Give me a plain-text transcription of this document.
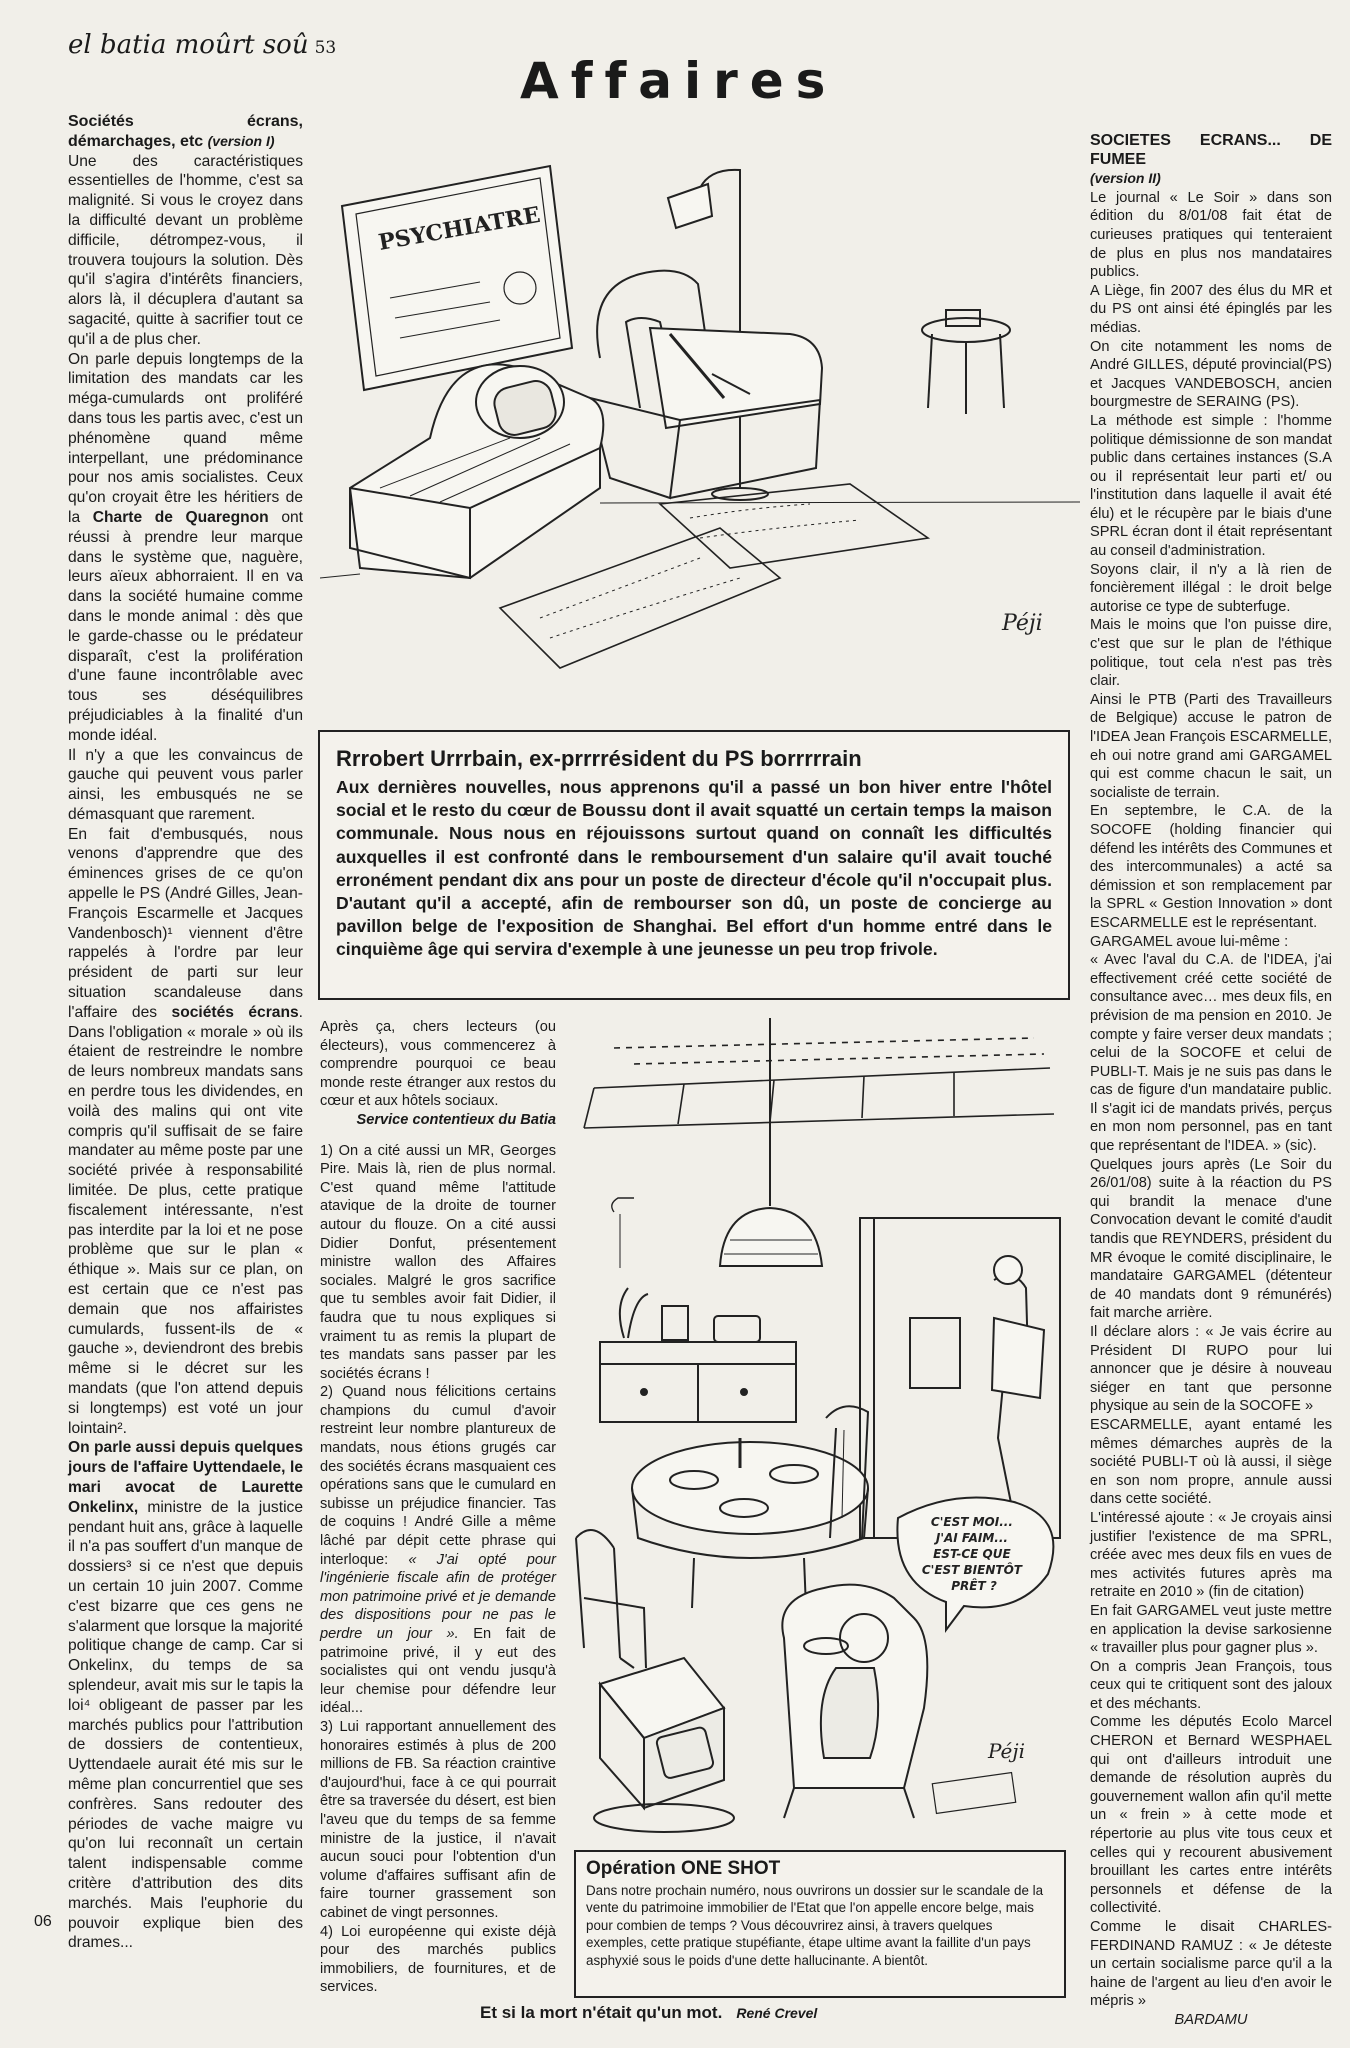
el batia moûrt soû 53
Affaires

Sociétés écrans, démarchages, etc (version I)

Une des caractéristiques essentielles de l'homme, c'est sa malignité. Si vous le croyez dans la difficulté devant un problème difficile, détrompez-vous, il trouvera toujours la solution. Dès qu'il s'agira d'intérêts financiers, alors là, il décuplera d'autant sa sagacité, quitte à sacrifier tout ce qu'il a de plus cher.

On parle depuis longtemps de la limitation des mandats car les méga-cumulards ont proliféré dans tous les partis avec, c'est un phénomène quand même interpellant, une prédominance pour nos amis socialistes. Ceux qu'on croyait être les héritiers de la Charte de Quaregnon ont réussi à prendre leur marque dans le système que, naguère, leurs aïeux abhorraient. Il en va dans la société humaine comme dans le monde animal : dès que le garde-chasse ou le prédateur disparaît, c'est la prolifération d'une faune incontrôlable avec tous ses déséquilibres préjudiciables à la finalité d'un monde idéal.

Il n'y a que les convaincus de gauche qui peuvent vous parler ainsi, les embusqués ne se démasquant que rarement.

En fait d'embusqués, nous venons d'apprendre que des éminences grises de ce qu'on appelle le PS (André Gilles, Jean-François Escarmelle et Jacques Vandenbosch)¹ viennent d'être rappelés à l'ordre par leur président de parti sur leur situation scandaleuse dans l'affaire des sociétés écrans. Dans l'obligation « morale » où ils étaient de restreindre le nombre de leurs nombreux mandats sans en perdre tous les dividendes, en voilà des malins qui ont vite compris qu'il suffisait de se faire mandater au même poste par une société privée à responsabilité limitée. De plus, cette pratique fiscalement intéressante, n'est pas interdite par la loi et ne pose problème que sur le plan « éthique ». Mais sur ce plan, on est certain que ce n'est pas demain que nos affairistes cumulards, fussent-ils de « gauche », deviendront des brebis même si le décret sur les mandats (que l'on attend depuis si longtemps) est voté un jour lointain².

On parle aussi depuis quelques jours de l'affaire Uyttendaele, le mari avocat de Laurette Onkelinx, ministre de la justice pendant huit ans, grâce à laquelle il n'a pas souffert d'un manque de dossiers³ si ce n'est que depuis un certain 10 juin 2007. Comme c'est bizarre que ces gens ne s'alarment que lorsque la majorité politique change de camp. Car si Onkelinx, du temps de sa splendeur, avait mis sur le tapis la loi⁴ obligeant de passer par les marchés publics pour l'attribution de dossiers de contentieux, Uyttendaele aurait été mis sur le même plan concurrentiel que ses confrères. Sans redouter des périodes de vache maigre vu qu'on lui reconnaît un certain talent indispensable comme critère d'attribution des dits marchés. Mais l'euphorie du pouvoir explique bien des drames...

06
PSYCHIATRE
Péji
Rrrobert Urrrbain, ex-prrrrésident du PS borrrrrain
Aux dernières nouvelles, nous apprenons qu'il a passé un bon hiver entre l'hôtel social et le resto du cœur de Boussu dont il avait squatté un certain temps la maison communale. Nous nous en réjouissons surtout quand on connaît les difficultés auxquelles il est confronté dans le remboursement d'un salaire qu'il avait touché erronément pendant dix ans pour un poste de directeur d'école qu'il n'occupait plus. D'autant qu'il a accepté, afin de rembourser son dû, un poste de concierge au pavillon belge de l'exposition de Shanghai. Bel effort d'un homme entré dans le cinquième âge qui servira d'exemple à une jeunesse un peu trop frivole.

SOCIETES ECRANS... DE FUMEE
(version II)

Le journal « Le Soir » dans son édition du 8/01/08 fait état de curieuses pratiques qui tenteraient de plus en plus nos mandataires publics.

A Liège, fin 2007 des élus du MR et du PS ont ainsi été épinglés par les médias.

On cite notamment les noms de André GILLES, député provincial(PS) et Jacques VANDEBOSCH, ancien bourgmestre de SERAING (PS).

La méthode est simple : l'homme politique démissionne de son mandat public dans certaines instances (S.A ou il représentait leur parti et/ ou l'institution dans laquelle il avait été élu) et le récupère par le biais d'une SPRL écran dont il était représentant au conseil d'administration.

Soyons clair, il n'y a là rien de foncièrement illégal : le droit belge autorise ce type de subterfuge.

Mais le moins que l'on puisse dire, c'est que sur le plan de l'éthique politique, tout cela n'est pas très clair.

Ainsi le PTB (Parti des Travailleurs de Belgique) accuse le patron de l'IDEA Jean François ESCARMELLE, eh oui notre grand ami GARGAMEL qui est comme chacun le sait, un socialiste de terrain.

En septembre, le C.A. de la SOCOFE (holding financier qui défend les intérêts des Communes et des intercommunales) a acté sa démission et son remplacement par la SPRL « Gestion Innovation » dont ESCARMELLE est le représentant.

GARGAMEL avoue lui-même :

« Avec l'aval du C.A. de l'IDEA, j'ai effectivement créé cette société de consultance avec… mes deux fils, en prévision de ma pension en 2010. Je compte y faire verser deux mandats ; celui de la SOCOFE et celui de PUBLI-T. Mais je ne suis pas dans le cas de figure d'un mandataire public. Il s'agit ici de mandats privés, perçus en mon nom personnel, pas en tant que représentant de l'IDEA. » (sic).

Quelques jours après (Le Soir du 26/01/08) suite à la réaction du PS qui brandit la menace d'une Convocation devant le comité d'audit tandis que REYNDERS, président du MR évoque le comité disciplinaire, le mandataire GARGAMEL (détenteur de 40 mandats dont 9 rémunérés) fait marche arrière.

Il déclare alors : « Je vais écrire au Président DI RUPO pour lui annoncer que je désire à nouveau siéger en tant que personne physique au sein de la SOCOFE »

ESCARMELLE, ayant entamé les mêmes démarches auprès de la société PUBLI-T où là aussi, il siège en son nom propre, annule aussi dans cette société.

L'intéressé ajoute : « Je croyais ainsi justifier l'existence de ma SPRL, créée avec mes deux fils en vues de mes activités futures après ma retraite en 2010 » (fin de citation)

En fait GARGAMEL veut juste mettre en application la devise sarkosienne « travailler plus pour gagner plus ».

On a compris Jean François, tous ceux qui te critiquent sont des jaloux et des méchants.

Comme les députés Ecolo Marcel CHERON et Bernard WESPHAEL qui ont d'ailleurs introduit une demande de résolution auprès du gouvernement wallon afin qu'il mette un « frein » à cette mode et répertorie au plus vite tous ceux et celles qui y recourent abusivement brouillant les cartes entre intérêts personnels et défense de la collectivité.

Comme le disait CHARLES-FERDINAND RAMUZ : « Je déteste un certain socialisme parce qu'il a la haine de l'argent au lieu d'en avoir le mépris »

BARDAMU

Après ça, chers lecteurs (ou électeurs), vous commencerez à comprendre pourquoi ce beau monde reste étranger aux restos du cœur et aux hôtels sociaux.

Service contentieux du Batia

1) On a cité aussi un MR, Georges Pire. Mais là, rien de plus normal. C'est quand même l'attitude atavique de la droite de tourner autour du flouze. On a cité aussi Didier Donfut, présentement ministre wallon des Affaires sociales. Malgré le gros sacrifice que tu sembles avoir fait Didier, il faudra que tu nous expliques si vraiment tu as remis la plupart de tes mandats sans passer par les sociétés écrans !

2) Quand nous félicitions certains champions du cumul d'avoir restreint leur nombre plantureux de mandats, nous étions grugés car des sociétés écrans masquaient ces opérations sans que le cumulard en subisse un préjudice financier. Tas de coquins ! André Gille a même lâché par dépit cette phrase qui interloque: « J'ai opté pour l'ingénierie fiscale afin de protéger mon patrimoine privé et je demande des dispositions pour ne pas le perdre un jour ». En fait de patrimoine privé, il y eut des socialistes qui ont vendu jusqu'à leur chemise pour défendre leur idéal...

3) Lui rapportant annuellement des honoraires estimés à plus de 200 millions de FB. Sa réaction craintive d'aujourd'hui, face à ce qui pourrait être sa traversée du désert, est bien l'aveu que du temps de sa femme ministre de la justice, il n'avait aucun souci pour l'obtention d'un volume d'affaires suffisant afin de faire tourner grassement son cabinet de vingt personnes.

4) Loi européenne qui existe déjà pour des marchés publics immobiliers, de fournitures, et de services.

C'EST MOI... J'AI FAIM... EST-CE QUE C'EST BIENTÔT PRÊT ?
Péji
Opération ONE SHOT
Dans notre prochain numéro, nous ouvrirons un dossier sur le scandale de la vente du patrimoine immobilier de l'Etat que l'on appelle encore belge, mais pour combien de temps ? Vous découvrirez ainsi, à travers quelques exemples, cette pratique stupéfiante, étape ultime avant la faillite d'un pays asphyxié sous le poids d'une dette hallucinante. A bientôt.
Et si la mort n'était qu'un mot. René Crevel
